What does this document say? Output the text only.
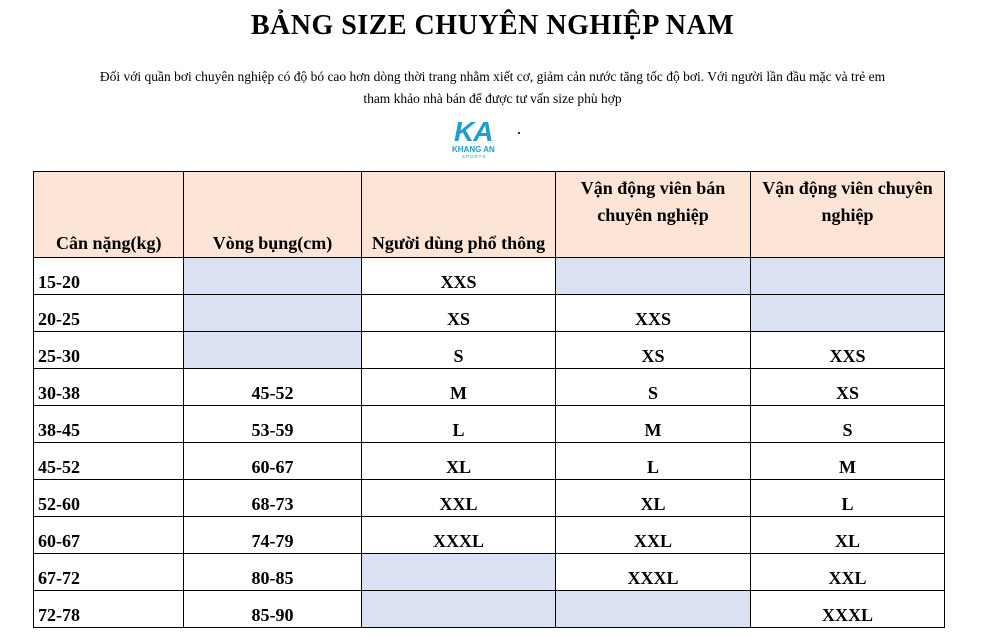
BẢNG SIZE CHUYÊN NGHIỆP NAM
Đối với quần bơi chuyên nghiệp có độ bó cao hơn dòng thời trang nhằm xiết cơ, giảm cản nước tăng tốc độ bơi. Với người lần đầu mặc và trẻ em
tham khảo nhà bán để được tư vấn size phù hợp
KA
KHANG AN
SPORTS
Cân nặng(kg)	Vòng bụng(cm)	Người dùng phổ thông	Vận động viên bán chuyên nghiệp	Vận động viên chuyên nghiệp
15-20		XXS		
20-25		XS	XXS	
25-30		S	XS	XXS
30-38	45-52	M	S	XS
38-45	53-59	L	M	S
45-52	60-67	XL	L	M
52-60	68-73	XXL	XL	L
60-67	74-79	XXXL	XXL	XL
67-72	80-85		XXXL	XXL
72-78	85-90			XXXL
